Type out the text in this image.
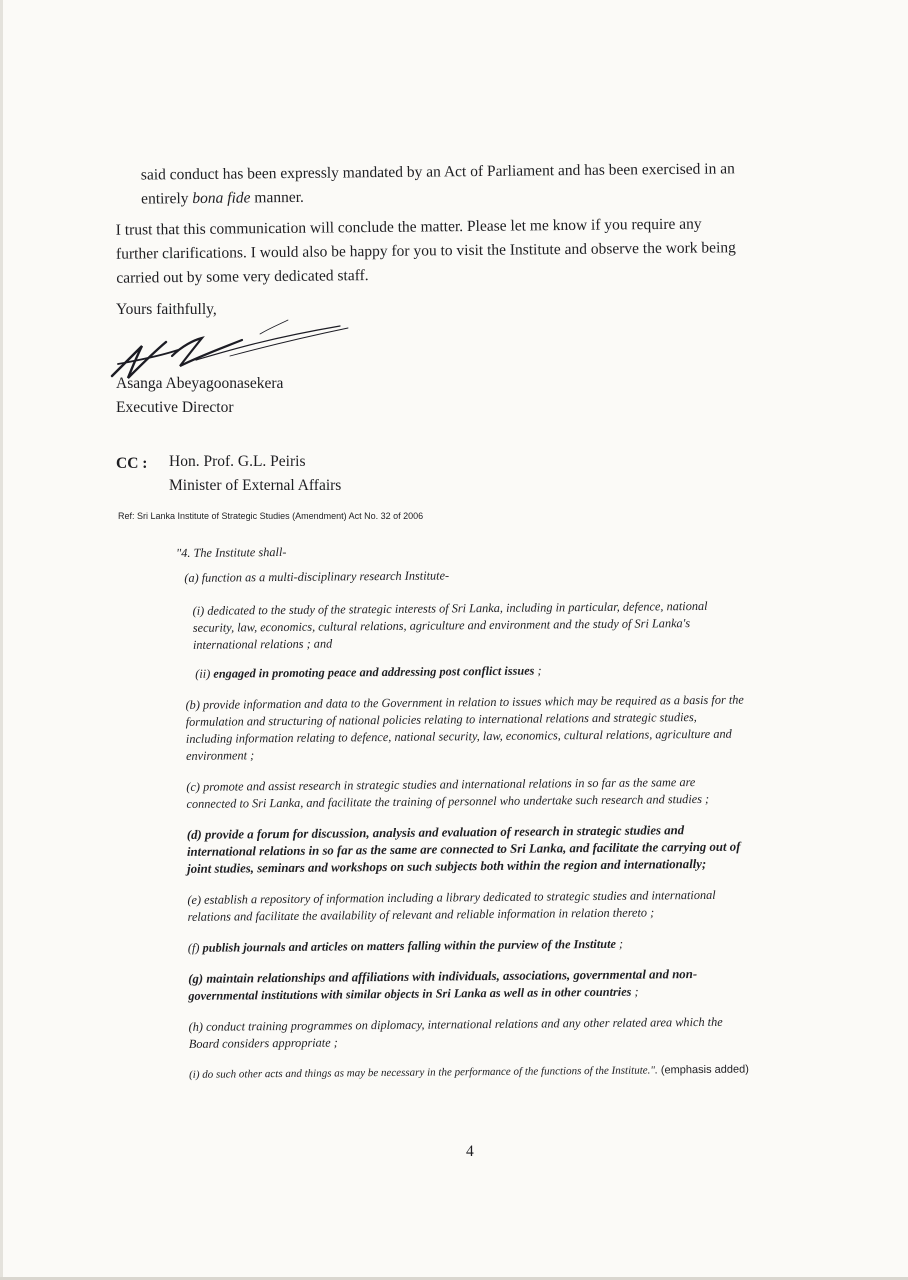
said conduct has been expressly mandated by an Act of Parliament and has been exercised in an

entirely bona fide manner.

I trust that this communication will conclude the matter. Please let me know if you require any

further clarifications. I would also be happy for you to visit the Institute and observe the work being

carried out by some very dedicated staff.

Yours faithfully,

Asanga Abeyagoonasekera

Executive Director

CC : Hon. Prof. G.L. Peiris

Minister of External Affairs

Ref: Sri Lanka Institute of Strategic Studies (Amendment) Act No. 32 of 2006

"4. The Institute shall-

(a) function as a multi-disciplinary research Institute-

(i) dedicated to the study of the strategic interests of Sri Lanka, including in particular, defence, national

security, law, economics, cultural relations, agriculture and environment and the study of Sri Lanka's

international relations ; and

(ii) engaged in promoting peace and addressing post conflict issues ;

(b) provide information and data to the Government in relation to issues which may be required as a basis for the

formulation and structuring of national policies relating to international relations and strategic studies,

including information relating to defence, national security, law, economics, cultural relations, agriculture and

environment ;

(c) promote and assist research in strategic studies and international relations in so far as the same are

connected to Sri Lanka, and facilitate the training of personnel who undertake such research and studies ;

(d) provide a forum for discussion, analysis and evaluation of research in strategic studies and

international relations in so far as the same are connected to Sri Lanka, and facilitate the carrying out of

joint studies, seminars and workshops on such subjects both within the region and internationally;

(e) establish a repository of information including a library dedicated to strategic studies and international

relations and facilitate the availability of relevant and reliable information in relation thereto ;

(f) publish journals and articles on matters falling within the purview of the Institute ;

(g) maintain relationships and affiliations with individuals, associations, governmental and non-

governmental institutions with similar objects in Sri Lanka as well as in other countries ;

(h) conduct training programmes on diplomacy, international relations and any other related area which the

Board considers appropriate ;

(i) do such other acts and things as may be necessary in the performance of the functions of the Institute.". (emphasis added)

4
